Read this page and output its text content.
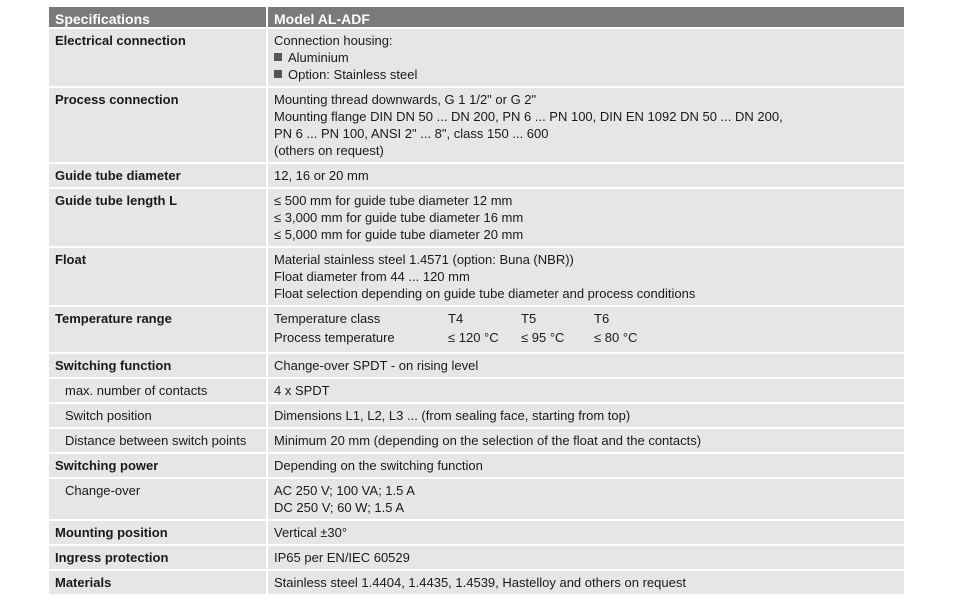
Specifications	Model AL-ADF
Electrical connection	Connection housing:
Aluminium
Option: Stainless steel
Process connection	Mounting thread downwards, G 1 1/2" or G 2"
Mounting flange DIN DN 50 ... DN 200, PN 6 ... PN 100, DIN EN 1092 DN 50 ... DN 200,
PN 6 ... PN 100, ANSI 2" ... 8", class 150 ... 600
(others on request)
Guide tube diameter	12, 16 or 20 mm
Guide tube length L	≤ 500 mm for guide tube diameter 12 mm
≤ 3,000 mm for guide tube diameter 16 mm
≤ 5,000 mm for guide tube diameter 20 mm
Float	Material stainless steel 1.4571 (option: Buna (NBR))
Float diameter from 44 ... 120 mm
Float selection depending on guide tube diameter and process conditions
Temperature range	Temperature class	T4	T5	T6
Process temperature	≤ 120 °C	≤ 95 °C	≤ 80 °C
Switching function	Change-over SPDT - on rising level
max. number of contacts	4 x SPDT
Switch position	Dimensions L1, L2, L3 ... (from sealing face, starting from top)
Distance between switch points	Minimum 20 mm (depending on the selection of the float and the contacts)
Switching power	Depending on the switching function
Change-over	AC 250 V; 100 VA; 1.5 A
DC 250 V; 60 W; 1.5 A
Mounting position	Vertical ±30°
Ingress protection	IP65 per EN/IEC 60529
Materials	Stainless steel 1.4404, 1.4435, 1.4539, Hastelloy and others on request
